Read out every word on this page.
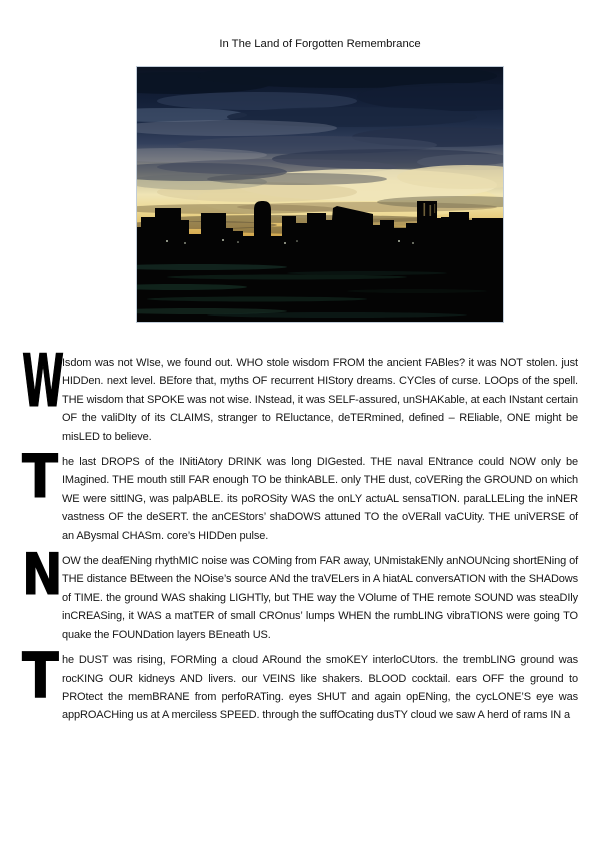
In The Land of Forgotten Remembrance

W
Isdom was not WIse, we found out. WHO stole wisdom FROM the ancient FABles? it was NOT stolen. just HIDDen. next level. BEfore that, myths OF recurrent HIStory dreams. CYCles of curse. LOOps of the spell. THE wisdom that SPOKE was not wise. INstead, it was SELF-assured, unSHAKable, at each INstant certain OF the valiDIty of its CLAIMS, stranger to REluctance, deTERmined, defined – REliable, ONE might be misLED to believe.

T he last DROPS of the INitiAtory DRINK was long DIGested. THE naval ENtrance could NOW only be IMagined. THE mouth still FAR enough TO be thinkABLE. only THE dust, coVERing the GROUND on which WE were sittING, was palpABLE. its poROSity WAS the onLY actuAL sensaTION. paraLLELing the inNER vastness OF the deSERT. the anCEStors’ shaDOWS attuned TO the oVERall vaCUity. THE uniVERSE of an ABysmal CHASm. core’s HIDDen pulse.

N OW the deafENing rhythMIC noise was COMing from FAR away, UNmistakENly anNOUNcing shortENing of THE distance BEtween the NOise’s source ANd the traVELers in A hiatAL conversATION with the SHADows of TIME. the ground WAS shaking LIGHTly, but THE way the VOlume of THE remote SOUND was steaDIly inCREASing, it WAS a matTER of small CROnus’ lumps WHEN the rumbLING vibraTIONS were going TO quake the FOUNDation layers BEneath US.

T he DUST was rising, FORMing a cloud ARound the smoKEY interloCUtors. the trembLING ground was rocKING OUR kidneys AND livers. our VEINS like shakers. BLOOD cocktail. ears OFF the ground to PROtect the memBRANE from perfoRATing. eyes SHUT and again opENing, the cycLONE’S eye was appROACHing us at A merciless SPEED. through the suffOcating dusTY cloud we saw A herd of rams IN a
